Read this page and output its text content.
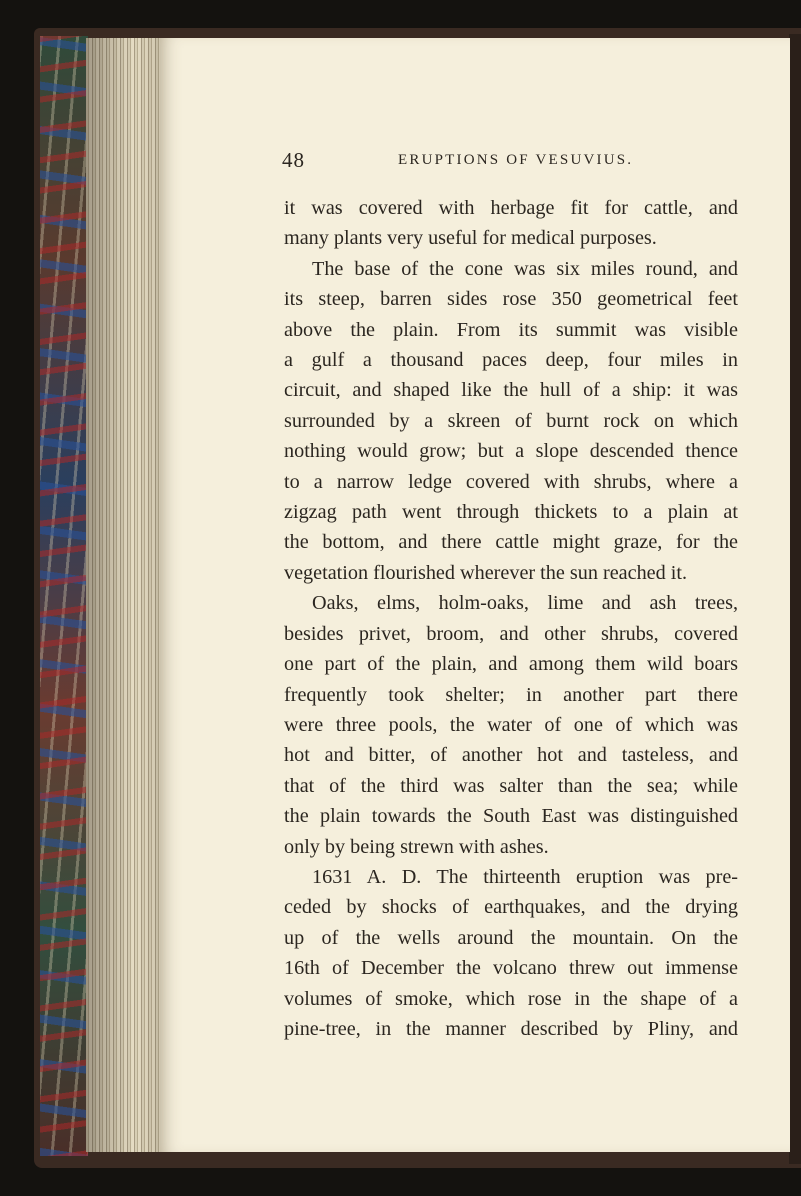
48	ERUPTIONS OF VESUVIUS.

it was covered with herbage fit for cattle, and

many plants very useful for medical purposes.

The base of the cone was six miles round, and

its steep, barren sides rose 350 geometrical feet

above the plain. From its summit was visible

a gulf a thousand paces deep, four miles in

circuit, and shaped like the hull of a ship: it was

surrounded by a skreen of burnt rock on which

nothing would grow; but a slope descended thence

to a narrow ledge covered with shrubs, where a

zigzag path went through thickets to a plain at

the bottom, and there cattle might graze, for the

vegetation flourished wherever the sun reached it.

Oaks, elms, holm-oaks, lime and ash trees,

besides privet, broom, and other shrubs, covered

one part of the plain, and among them wild boars

frequently took shelter; in another part there

were three pools, the water of one of which was

hot and bitter, of another hot and tasteless, and

that of the third was salter than the sea; while

the plain towards the South East was distinguished

only by being strewn with ashes.

1631 A. D. The thirteenth eruption was pre-

ceded by shocks of earthquakes, and the drying

up of the wells around the mountain. On the

16th of December the volcano threw out immense

volumes of smoke, which rose in the shape of a

pine-tree, in the manner described by Pliny, and
